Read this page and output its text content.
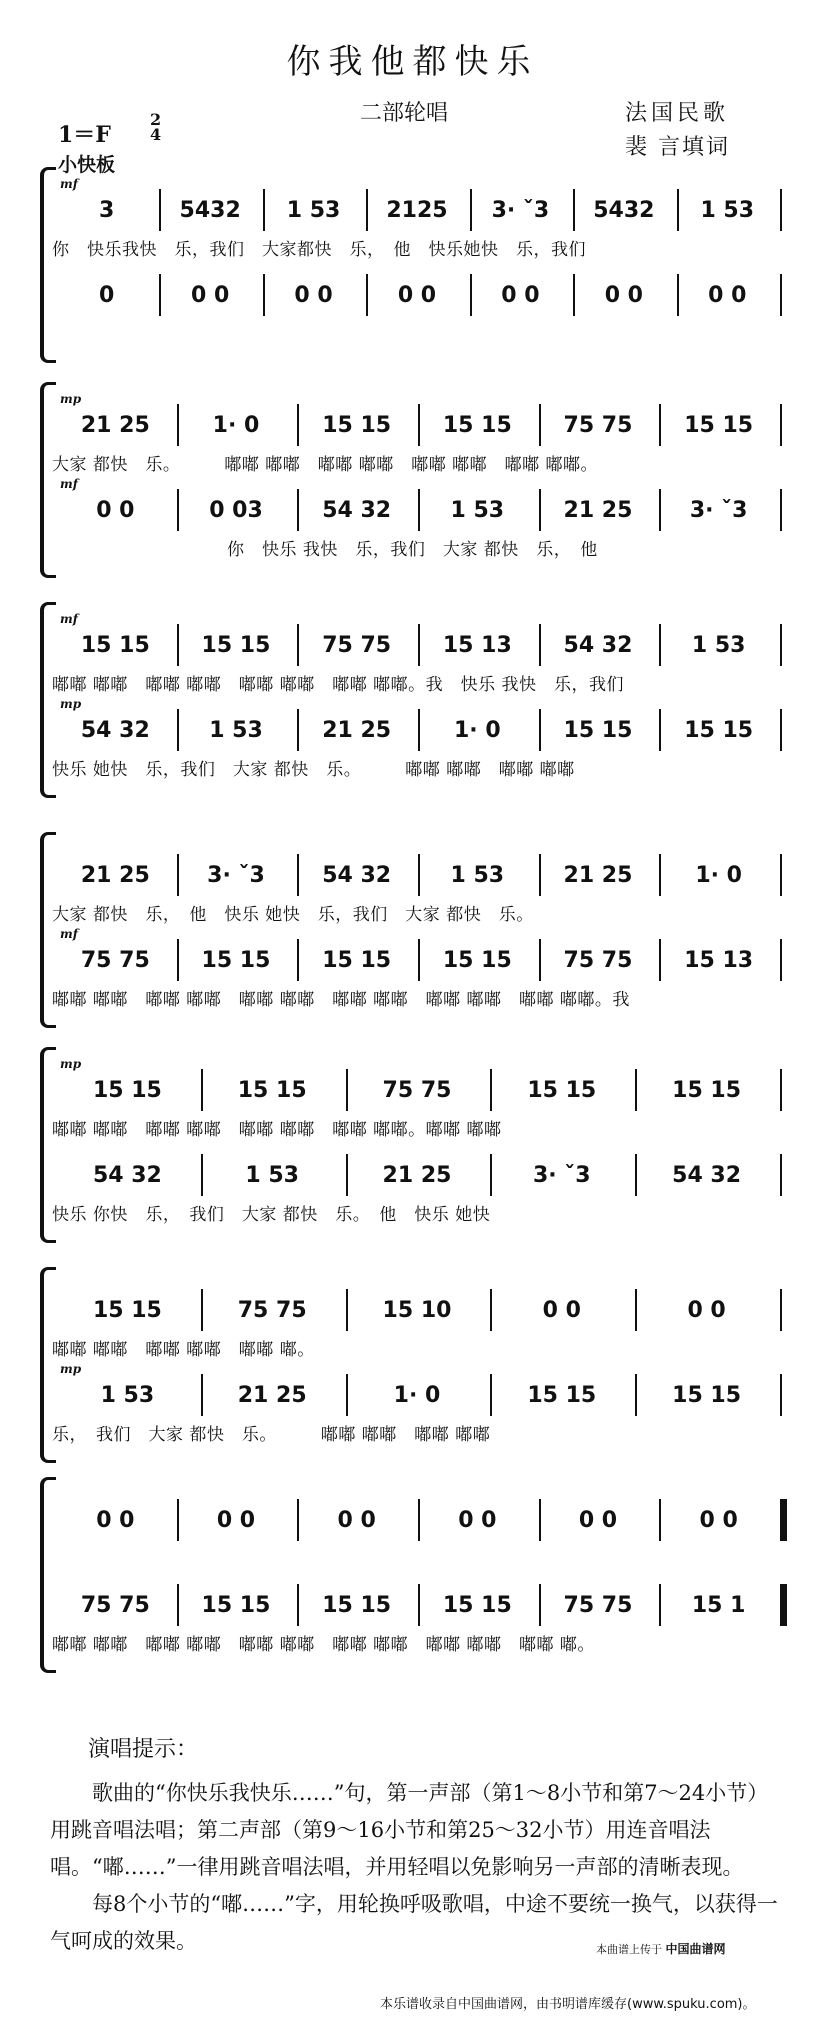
你我他都快乐
二部轮唱	法国民歌
裴 言填词
1＝F
2
4
小快板
3	5432	1 53	2125	3· ˇ3	5432	1 53
mf
你　快乐我快　乐，我们　大家都快　乐，　他　快乐她快　乐，我们
0	0 0	0 0	0 0	0 0	0 0	0 0
21 25	1· 0	15 15	15 15	75 75	15 15
mp
大家 都快　乐。　　　嘟嘟 嘟嘟　嘟嘟 嘟嘟　嘟嘟 嘟嘟　嘟嘟 嘟嘟。
0 0	0 03	54 32	1 53	21 25	3· ˇ3
mf
　　　　　　　　　　你　快乐 我快　乐，我们　大家 都快　乐，　他
15 15	15 15	75 75	15 13	54 32	1 53
mf
嘟嘟 嘟嘟　嘟嘟 嘟嘟　嘟嘟 嘟嘟　嘟嘟 嘟嘟。我　快乐 我快　乐，我们
54 32	1 53	21 25	1· 0	15 15	15 15
mp
快乐 她快　乐，我们　大家 都快　乐。　　　嘟嘟 嘟嘟　嘟嘟 嘟嘟
21 25	3· ˇ3	54 32	1 53	21 25	1· 0
大家 都快　乐，　他　快乐 她快　乐，我们　大家 都快　乐。
75 75	15 15	15 15	15 15	75 75	15 13
mf
嘟嘟 嘟嘟　嘟嘟 嘟嘟　嘟嘟 嘟嘟　嘟嘟 嘟嘟　嘟嘟 嘟嘟　嘟嘟 嘟嘟。我
15 15	15 15	75 75	15 15	15 15
mp
嘟嘟 嘟嘟　嘟嘟 嘟嘟　嘟嘟 嘟嘟　嘟嘟 嘟嘟。嘟嘟 嘟嘟
54 32	1 53	21 25	3· ˇ3	54 32
快乐 你快　乐，　我们　大家 都快　乐。　他　快乐 她快
15 15	75 75	15 10	0 0	0 0
嘟嘟 嘟嘟　嘟嘟 嘟嘟　嘟嘟 嘟。
1 53	21 25	1· 0	15 15	15 15
mp
乐，　我们　大家 都快　乐。　　　嘟嘟 嘟嘟　嘟嘟 嘟嘟
0 0	0 0	0 0	0 0	0 0	0 0
75 75	15 15	15 15	15 15	75 75	15 1
嘟嘟 嘟嘟　嘟嘟 嘟嘟　嘟嘟 嘟嘟　嘟嘟 嘟嘟　嘟嘟 嘟嘟　嘟嘟 嘟。
演唱提示：

歌曲的“你快乐我快乐……”句，第一声部（第1～8小节和第7～24小节）用跳音唱法唱；第二声部（第9～16小节和第25～32小节）用连音唱法唱。“嘟……”一律用跳音唱法唱，并用轻唱以免影响另一声部的清晰表现。

每8个小节的“嘟……”字，用轮换呼吸歌唱，中途不要统一换气，以获得一气呵成的效果。	本曲谱上传于 中国曲谱网
本乐谱收录自中国曲谱网，由书明谱库缓存(www.spuku.com)。
